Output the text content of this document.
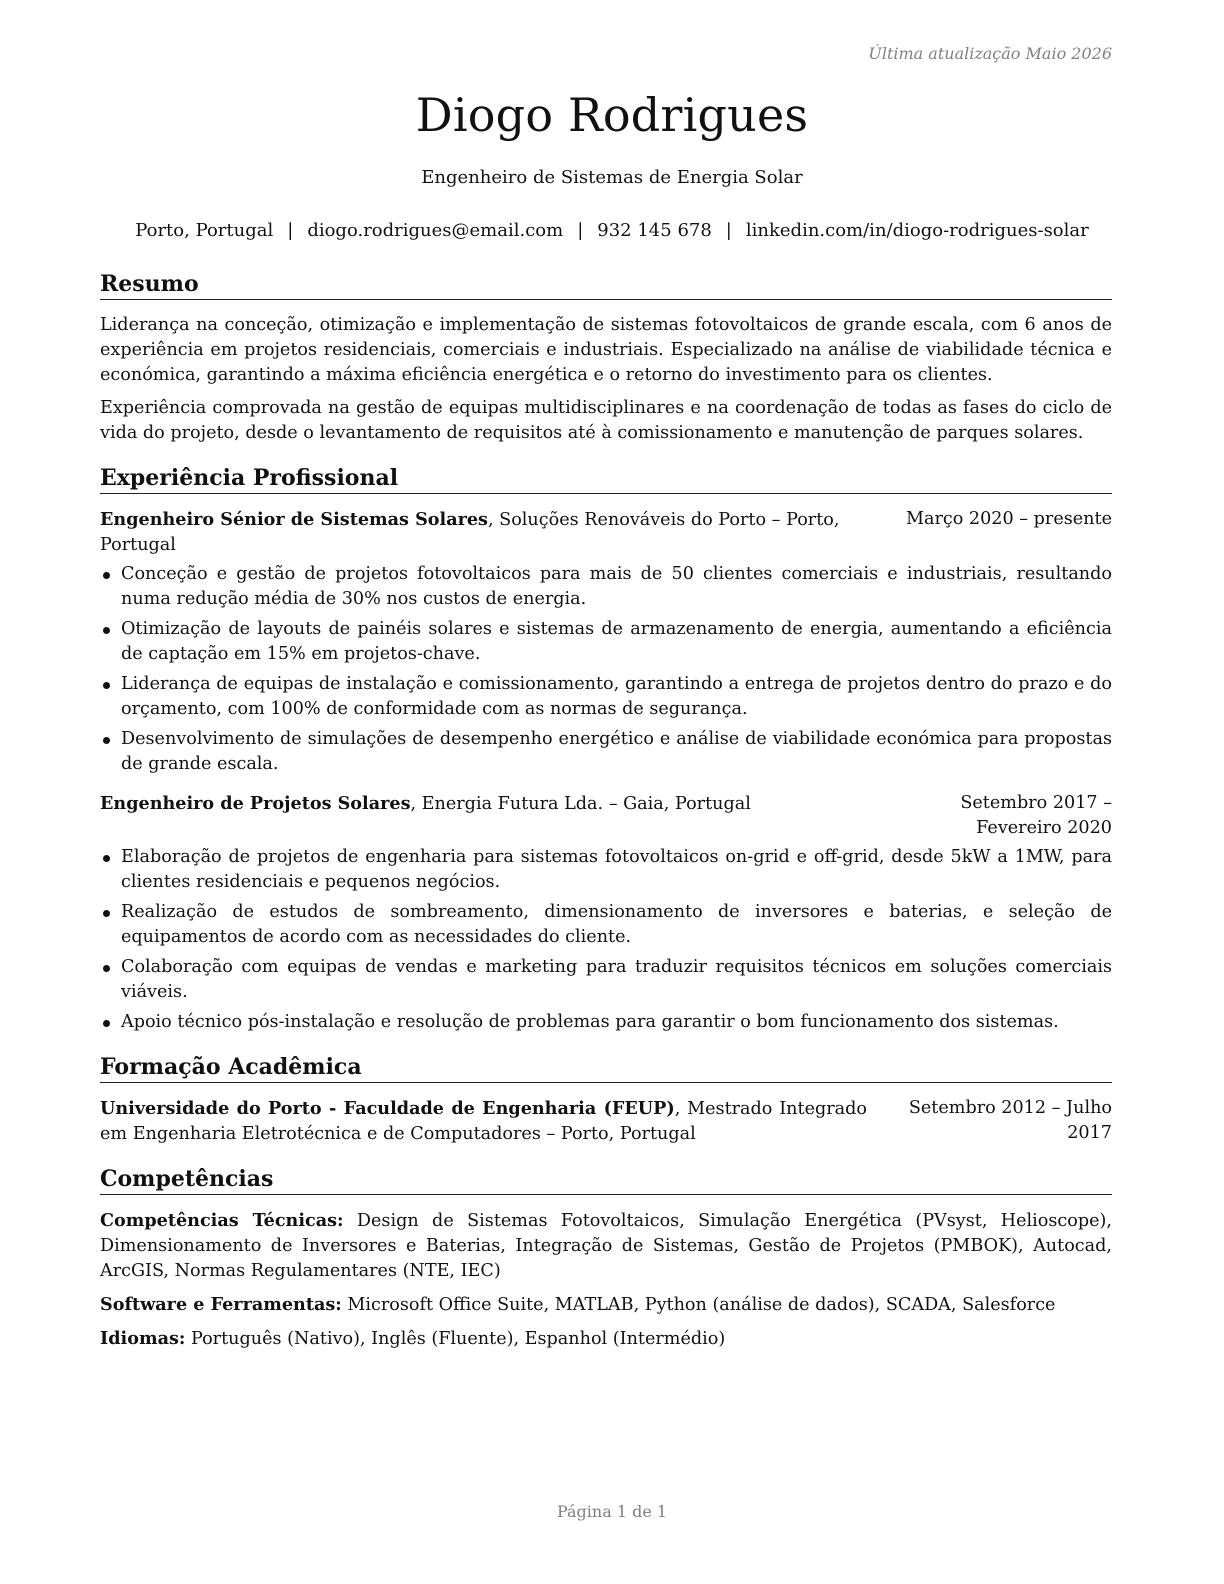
Última atualização Maio 2026
Diogo Rodrigues
Engenheiro de Sistemas de Energia Solar
Porto, Portugal | diogo.rodrigues@email.com | 932 145 678 | linkedin.com/in/diogo-rodrigues-solar
Resumo

Liderança na conceção, otimização e implementação de sistemas fotovoltaicos de grande escala, com 6 anos de experiência em projetos residenciais, comerciais e industriais. Especializado na análise de viabilidade técnica e económica, garantindo a máxima eficiência energética e o retorno do investimento para os clientes.

Experiência comprovada na gestão de equipas multidisciplinares e na coordenação de todas as fases do ciclo de vida do projeto, desde o levantamento de requisitos até à comissionamento e manutenção de parques solares.

Experiência Profissional
Engenheiro Sénior de Sistemas Solares, Soluções Renováveis do Porto – Porto, Portugal
Março 2020 – presente
Conceção e gestão de projetos fotovoltaicos para mais de 50 clientes comerciais e industriais, resultando numa redução média de 30% nos custos de energia.
Otimização de layouts de painéis solares e sistemas de armazenamento de energia, aumentando a eficiência de captação em 15% em projetos-chave.
Liderança de equipas de instalação e comissionamento, garantindo a entrega de projetos dentro do prazo e do orçamento, com 100% de conformidade com as normas de segurança.
Desenvolvimento de simulações de desempenho energético e análise de viabilidade económica para propostas de grande escala.
Engenheiro de Projetos Solares, Energia Futura Lda. – Gaia, Portugal	Setembro 2017 – Fevereiro 2020
Elaboração de projetos de engenharia para sistemas fotovoltaicos on-grid e off-grid, desde 5kW a 1MW, para clientes residenciais e pequenos negócios.
Realização de estudos de sombreamento, dimensionamento de inversores e baterias, e seleção de equipamentos de acordo com as necessidades do cliente.
Colaboração com equipas de vendas e marketing para traduzir requisitos técnicos em soluções comerciais viáveis.
Apoio técnico pós-instalação e resolução de problemas para garantir o bom funcionamento dos sistemas.
Formação Acadêmica
Universidade do Porto - Faculdade de Engenharia (FEUP), Mestrado Integrado em Engenharia Eletrotécnica e de Computadores – Porto, Portugal
Setembro 2012 – Julho 2017
Competências

Competências Técnicas: Design de Sistemas Fotovoltaicos, Simulação Energética (PVsyst, Helioscope), Dimensionamento de Inversores e Baterias, Integração de Sistemas, Gestão de Projetos (PMBOK), Autocad, ArcGIS, Normas Regulamentares (NTE, IEC)

Software e Ferramentas: Microsoft Office Suite, MATLAB, Python (análise de dados), SCADA, Salesforce

Idiomas: Português (Nativo), Inglês (Fluente), Espanhol (Intermédio)

Página 1 de 1
